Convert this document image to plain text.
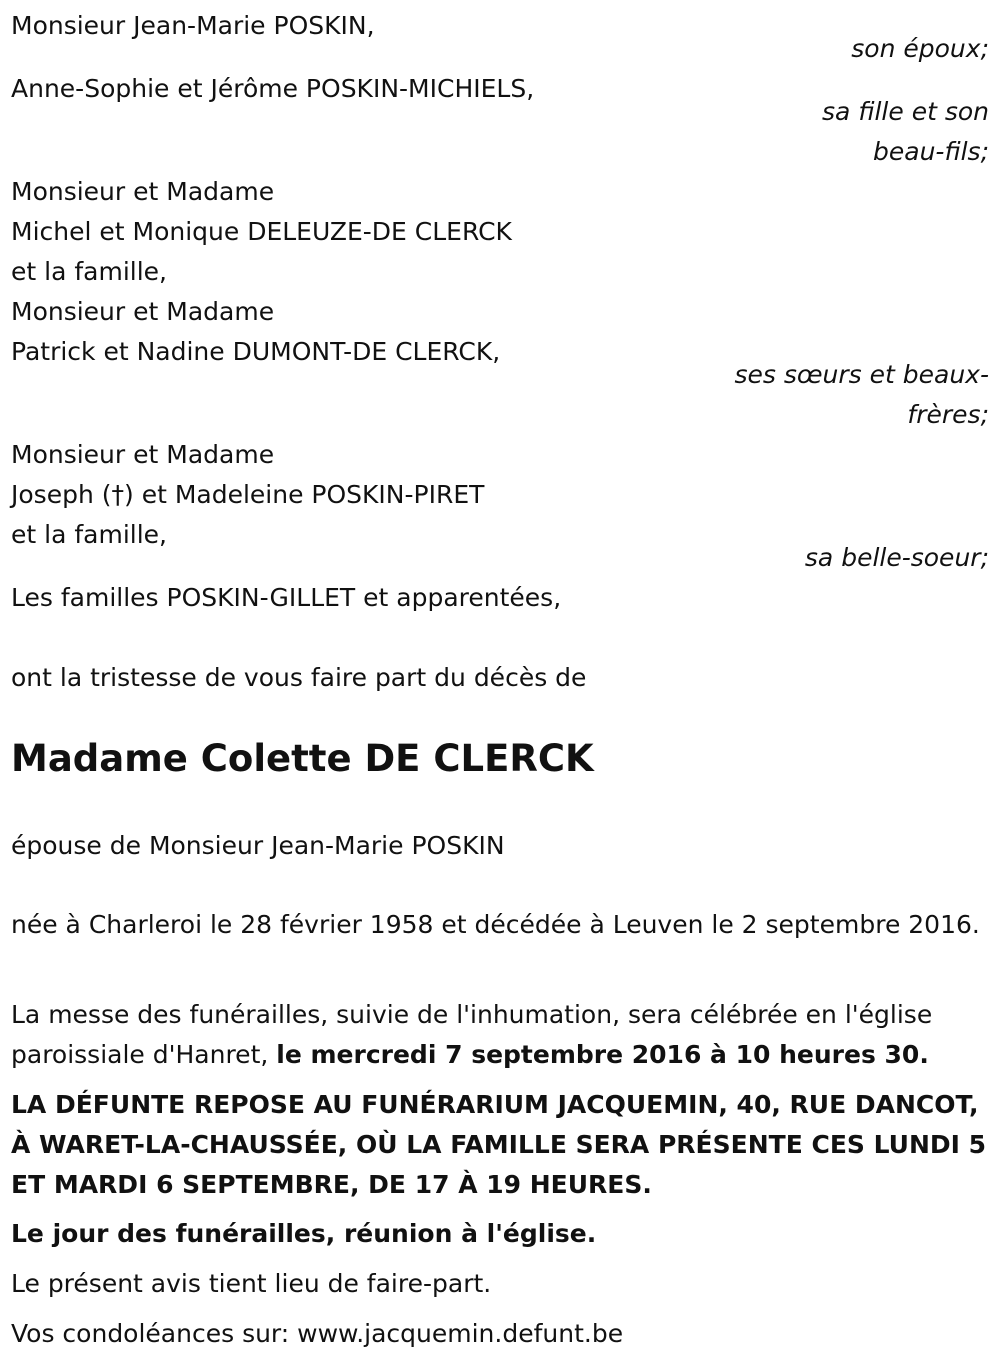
Monsieur Jean-Marie POSKIN,
son époux;
Anne-Sophie et Jérôme POSKIN-MICHIELS,
sa fille et son
beau-fils;
Monsieur et Madame
Michel et Monique DELEUZE-DE CLERCK
et la famille,
Monsieur et Madame
Patrick et Nadine DUMONT-DE CLERCK,
ses sœurs et beaux-
frères;
Monsieur et Madame
Joseph (†) et Madeleine POSKIN-PIRET
et la famille,
sa belle-soeur;
Les familles POSKIN-GILLET et apparentées,
ont la tristesse de vous faire part du décès de
Madame Colette DE CLERCK
épouse de Monsieur Jean-Marie POSKIN
née à Charleroi le 28 février 1958 et décédée à Leuven le 2 septembre 2016.
La messe des funérailles, suivie de l'inhumation, sera célébrée en l'église paroissiale d'Hanret, le mercredi 7 septembre 2016 à 10 heures 30.
LA DÉFUNTE REPOSE AU FUNÉRARIUM JACQUEMIN, 40, RUE DANCOT, À WARET-LA-CHAUSSÉE, OÙ LA FAMILLE SERA PRÉSENTE CES LUNDI 5 ET MARDI 6 SEPTEMBRE, DE 17 À 19 HEURES.
Le jour des funérailles, réunion à l'église.
Le présent avis tient lieu de faire-part.
Vos condoléances sur: www.jacquemin.defunt.be
